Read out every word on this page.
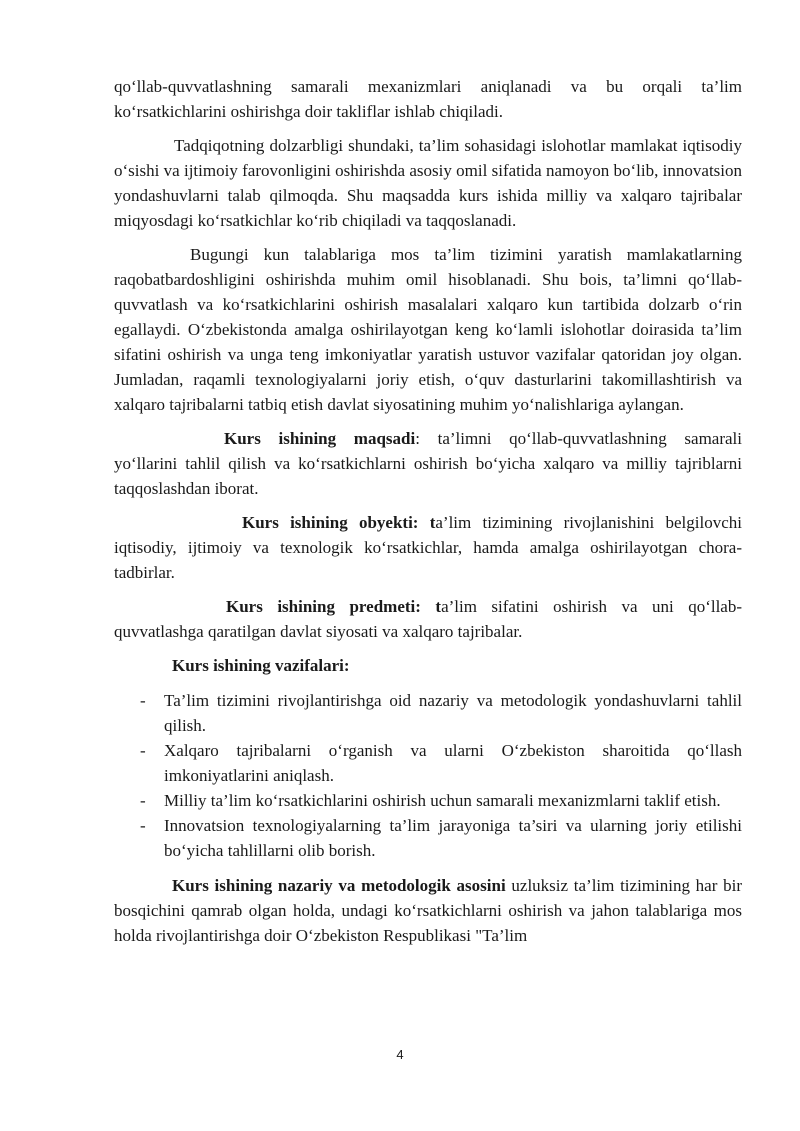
qo‘llab-quvvatlashning samarali mexanizmlari aniqlanadi va bu orqali ta’lim ko‘rsatkichlarini oshirishga doir takliflar ishlab chiqiladi.

Tadqiqotning dolzarbligi shundaki, ta’lim sohasidagi islohotlar mamlakat iqtisodiy o‘sishi va ijtimoiy farovonligini oshirishda asosiy omil sifatida namoyon bo‘lib, innovatsion yondashuvlarni talab qilmoqda. Shu maqsadda kurs ishida milliy va xalqaro tajribalar miqyosdagi ko‘rsatkichlar ko‘rib chiqiladi va taqqoslanadi.

Bugungi kun talablariga mos ta’lim tizimini yaratish mamlakatlarning raqobatbardoshligini oshirishda muhim omil hisoblanadi. Shu bois, ta’limni qo‘llab-quvvatlash va ko‘rsatkichlarini oshirish masalalari xalqaro kun tartibida dolzarb o‘rin egallaydi. O‘zbekistonda amalga oshirilayotgan keng ko‘lamli islohotlar doirasida ta’lim sifatini oshirish va unga teng imkoniyatlar yaratish ustuvor vazifalar qatoridan joy olgan. Jumladan, raqamli texnologiyalarni joriy etish, o‘quv dasturlarini takomillashtirish va xalqaro tajribalarni tatbiq etish davlat siyosatining muhim yo‘nalishlariga aylangan.

Kurs ishining maqsadi: ta’limni qo‘llab-quvvatlashning samarali yo‘llarini tahlil qilish va ko‘rsatkichlarni oshirish bo‘yicha xalqaro va milliy tajriblarni taqqoslashdan iborat.

Kurs ishining obyekti: ta’lim tizimining rivojlanishini belgilovchi iqtisodiy, ijtimoiy va texnologik ko‘rsatkichlar, hamda amalga oshirilayotgan chora-tadbirlar.

Kurs ishining predmeti: ta’lim sifatini oshirish va uni qo‘llab-quvvatlashga qaratilgan davlat siyosati va xalqaro tajribalar.

Kurs ishining vazifalari:
- Ta’lim tizimini rivojlantirishga oid nazariy va metodologik yondashuvlarni tahlil qilish.
- Xalqaro tajribalarni o‘rganish va ularni O‘zbekiston sharoitida qo‘llash imkoniyatlarini aniqlash.
- Milliy ta’lim ko‘rsatkichlarini oshirish uchun samarali mexanizmlarni taklif etish.
- Innovatsion texnologiyalarning ta’lim jarayoniga ta’siri va ularning joriy etilishi bo‘yicha tahlillarni olib borish.

Kurs ishining nazariy va metodologik asosini uzluksiz ta’lim tizimining har bir bosqichini qamrab olgan holda, undagi ko‘rsatkichlarni oshirish va jahon talablariga mos holda rivojlantirishga doir O‘zbekiston Respublikasi "Ta’lim

4
